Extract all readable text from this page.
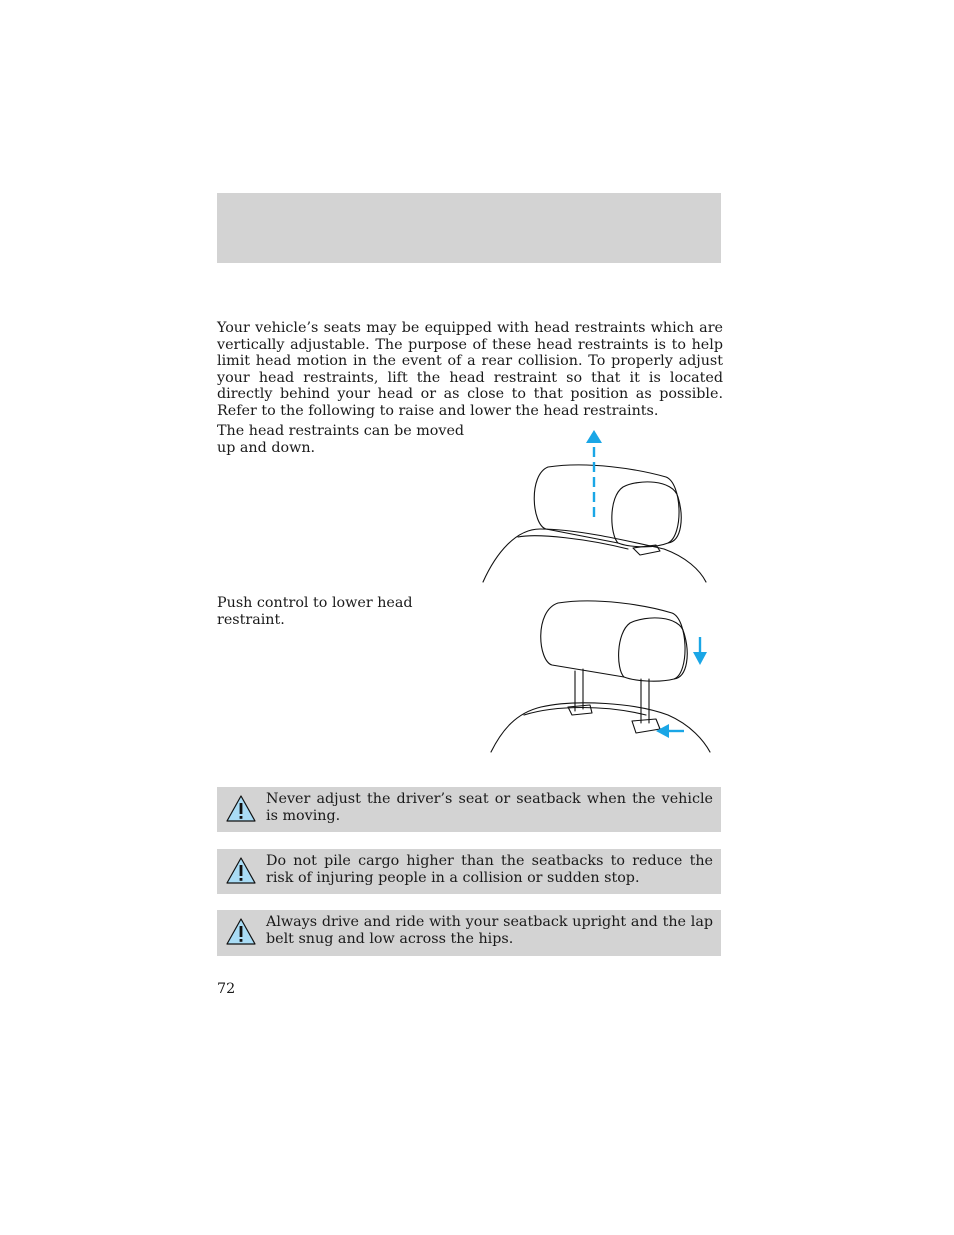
Your vehicle’s seats may be equipped with head restraints which are vertically adjustable. The purpose of these head restraints is to help limit head motion in the event of a rear collision. To properly adjust your head restraints, lift the head restraint so that it is located directly behind your head or as close to that position as possible. Refer to the following to raise and lower the head restraints.

The head restraints can be moved up and down.

Push control to lower head restraint.

Never adjust the driver’s seat or seatback when the vehicle is moving.

Do not pile cargo higher than the seatbacks to reduce the risk of injuring people in a collision or sudden stop.

Always drive and ride with your seatback upright and the lap belt snug and low across the hips.

72
